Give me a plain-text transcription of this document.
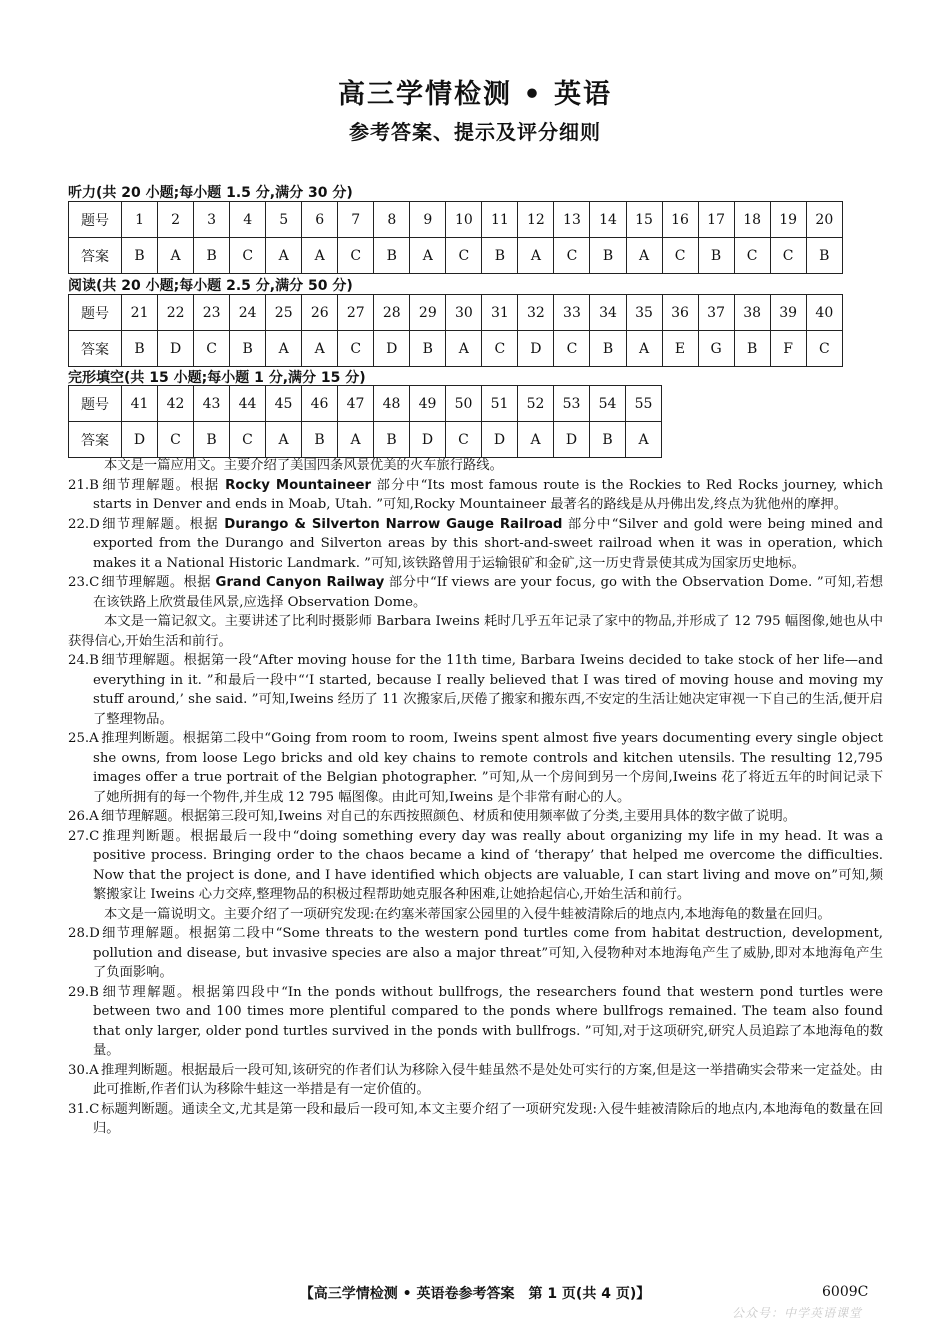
高三学情检测 • 英语
参考答案、提示及评分细则
听力(共 20 小题;每小题 1.5 分,满分 30 分)
题号	1	2	3	4	5	6	7	8	9	10	11	12	13	14	15	16	17	18	19	20
答案	B	A	B	C	A	A	C	B	A	C	B	A	C	B	A	C	B	C	C	B
阅读(共 20 小题;每小题 2.5 分,满分 50 分)
题号	21	22	23	24	25	26	27	28	29	30	31	32	33	34	35	36	37	38	39	40
答案	B	D	C	B	A	A	C	D	B	A	C	D	C	B	A	E	G	B	F	C
完形填空(共 15 小题;每小题 1 分,满分 15 分)
题号	41	42	43	44	45	46	47	48	49	50	51	52	53	54	55
答案	D	C	B	C	A	B	A	B	D	C	D	A	D	B	A

本文是一篇应用文。主要介绍了美国四条风景优美的火车旅行路线。

21.B 细节理解题。根据 Rocky Mountaineer 部分中“Its most famous route is the Rockies to Red Rocks journey, which starts in Denver and ends in Moab, Utah. ”可知,Rocky Mountaineer 最著名的路线是从丹佛出发,终点为犹他州的摩押。

22.D细节理解题。根据 Durango & Silverton Narrow Gauge Railroad 部分中“Silver and gold were being mined and exported from the Durango and Silverton areas by this short-and-sweet railroad when it was in operation, which makes it a National Historic Landmark. ”可知,该铁路曾用于运输银矿和金矿,这一历史背景使其成为国家历史地标。

23.C 细节理解题。根据 Grand Canyon Railway 部分中“If views are your focus, go with the Observation Dome. ”可知,若想在该铁路上欣赏最佳风景,应选择 Observation Dome。

本文是一篇记叙文。主要讲述了比利时摄影师 Barbara Iweins 耗时几乎五年记录了家中的物品,并形成了 12 795 幅图像,她也从中获得信心,开始生活和前行。

24.B 细节理解题。根据第一段“After moving house for the 11th time, Barbara Iweins decided to take stock of her life—and everything in it. ”和最后一段中“‘I started, because I really believed that I was tired of moving house and moving my stuff around,’ she said. ”可知,Iweins 经历了 11 次搬家后,厌倦了搬家和搬东西,不安定的生活让她决定审视一下自己的生活,便开启了整理物品。

25.A 推理判断题。根据第二段中“Going from room to room, Iweins spent almost five years documenting every single object she owns, from loose Lego bricks and old key chains to remote controls and kitchen utensils. The resulting 12,795 images offer a true portrait of the Belgian photographer. ”可知,从一个房间到另一个房间,Iweins 花了将近五年的时间记录下了她所拥有的每一个物件,并生成 12 795 幅图像。由此可知,Iweins 是个非常有耐心的人。

26.A 细节理解题。根据第三段可知,Iweins 对自己的东西按照颜色、材质和使用频率做了分类,主要用具体的数字做了说明。

27.C 推理判断题。根据最后一段中“doing something every day was really about organizing my life in my head. It was a positive process. Bringing order to the chaos became a kind of ‘therapy’ that helped me overcome the difficulties. Now that the project is done, and I have identified which objects are valuable, I can start living and move on”可知,频繁搬家让 Iweins 心力交瘁,整理物品的积极过程帮助她克服各种困难,让她拾起信心,开始生活和前行。

本文是一篇说明文。主要介绍了一项研究发现:在约塞米蒂国家公园里的入侵牛蛙被清除后的地点内,本地海龟的数量在回归。

28.D细节理解题。根据第二段中“Some threats to the western pond turtles come from habitat destruction, development, pollution and disease, but invasive species are also a major threat”可知,入侵物种对本地海龟产生了威胁,即对本地海龟产生了负面影响。

29.B 细节理解题。根据第四段中“In the ponds without bullfrogs, the researchers found that western pond turtles were between two and 100 times more plentiful compared to the ponds where bullfrogs remained. The team also found that only larger, older pond turtles survived in the ponds with bullfrogs. ”可知,对于这项研究,研究人员追踪了本地海龟的数量。

30.A 推理判断题。根据最后一段可知,该研究的作者们认为移除入侵牛蛙虽然不是处处可实行的方案,但是这一举措确实会带来一定益处。由此可推断,作者们认为移除牛蛙这一举措是有一定价值的。

31.C 标题判断题。通读全文,尤其是第一段和最后一段可知,本文主要介绍了一项研究发现:入侵牛蛙被清除后的地点内,本地海龟的数量在回归。

【高三学情检测 • 英语卷参考答案　第 1 页(共 4 页)】	6009C
公众号：中学英语课堂
